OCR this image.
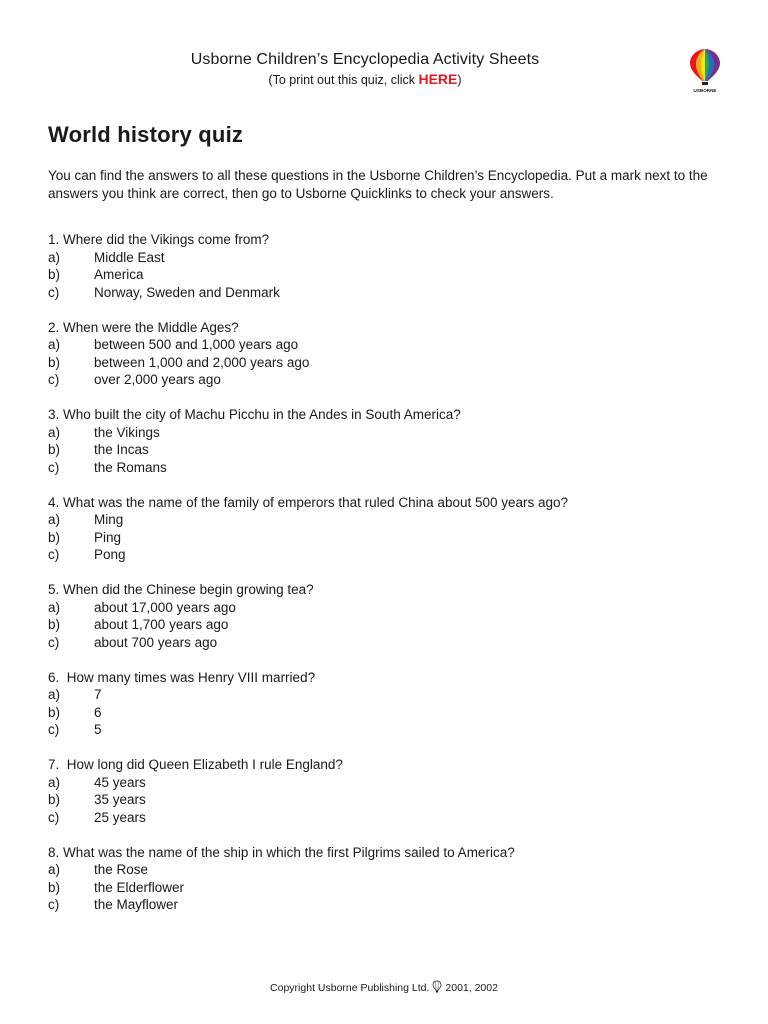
Usborne Children’s Encyclopedia Activity Sheets
(To print out this quiz, click HERE)
USBORNE
World history quiz
You can find the answers to all these questions in the Usborne Children’s Encyclopedia. Put a mark next to the answers you think are correct, then go to Usborne Quicklinks to check your answers.
1. Where did the Vikings come from?
a)	Middle East
b)	America
c)	Norway, Sweden and Denmark
2. When were the Middle Ages?
a)	between 500 and 1,000 years ago
b)	between 1,000 and 2,000 years ago
c)	over 2,000 years ago
3. Who built the city of Machu Picchu in the Andes in South America?
a)	the Vikings
b)	the Incas
c)	the Romans
4. What was the name of the family of emperors that ruled China about 500 years ago?
a)	Ming
b)	Ping
c)	Pong
5. When did the Chinese begin growing tea?
a)	about 17,000 years ago
b)	about 1,700 years ago
c)	about 700 years ago
6.  How many times was Henry VIII married?
a)	7
b)	6
c)	5
7.  How long did Queen Elizabeth I rule England?
a)	45 years
b)	35 years
c)	25 years
8. What was the name of the ship in which the first Pilgrims sailed to America?
a)	the Rose
b)	the Elderflower
c)	the Mayflower
Copyright Usborne Publishing Ltd. 2001, 2002
